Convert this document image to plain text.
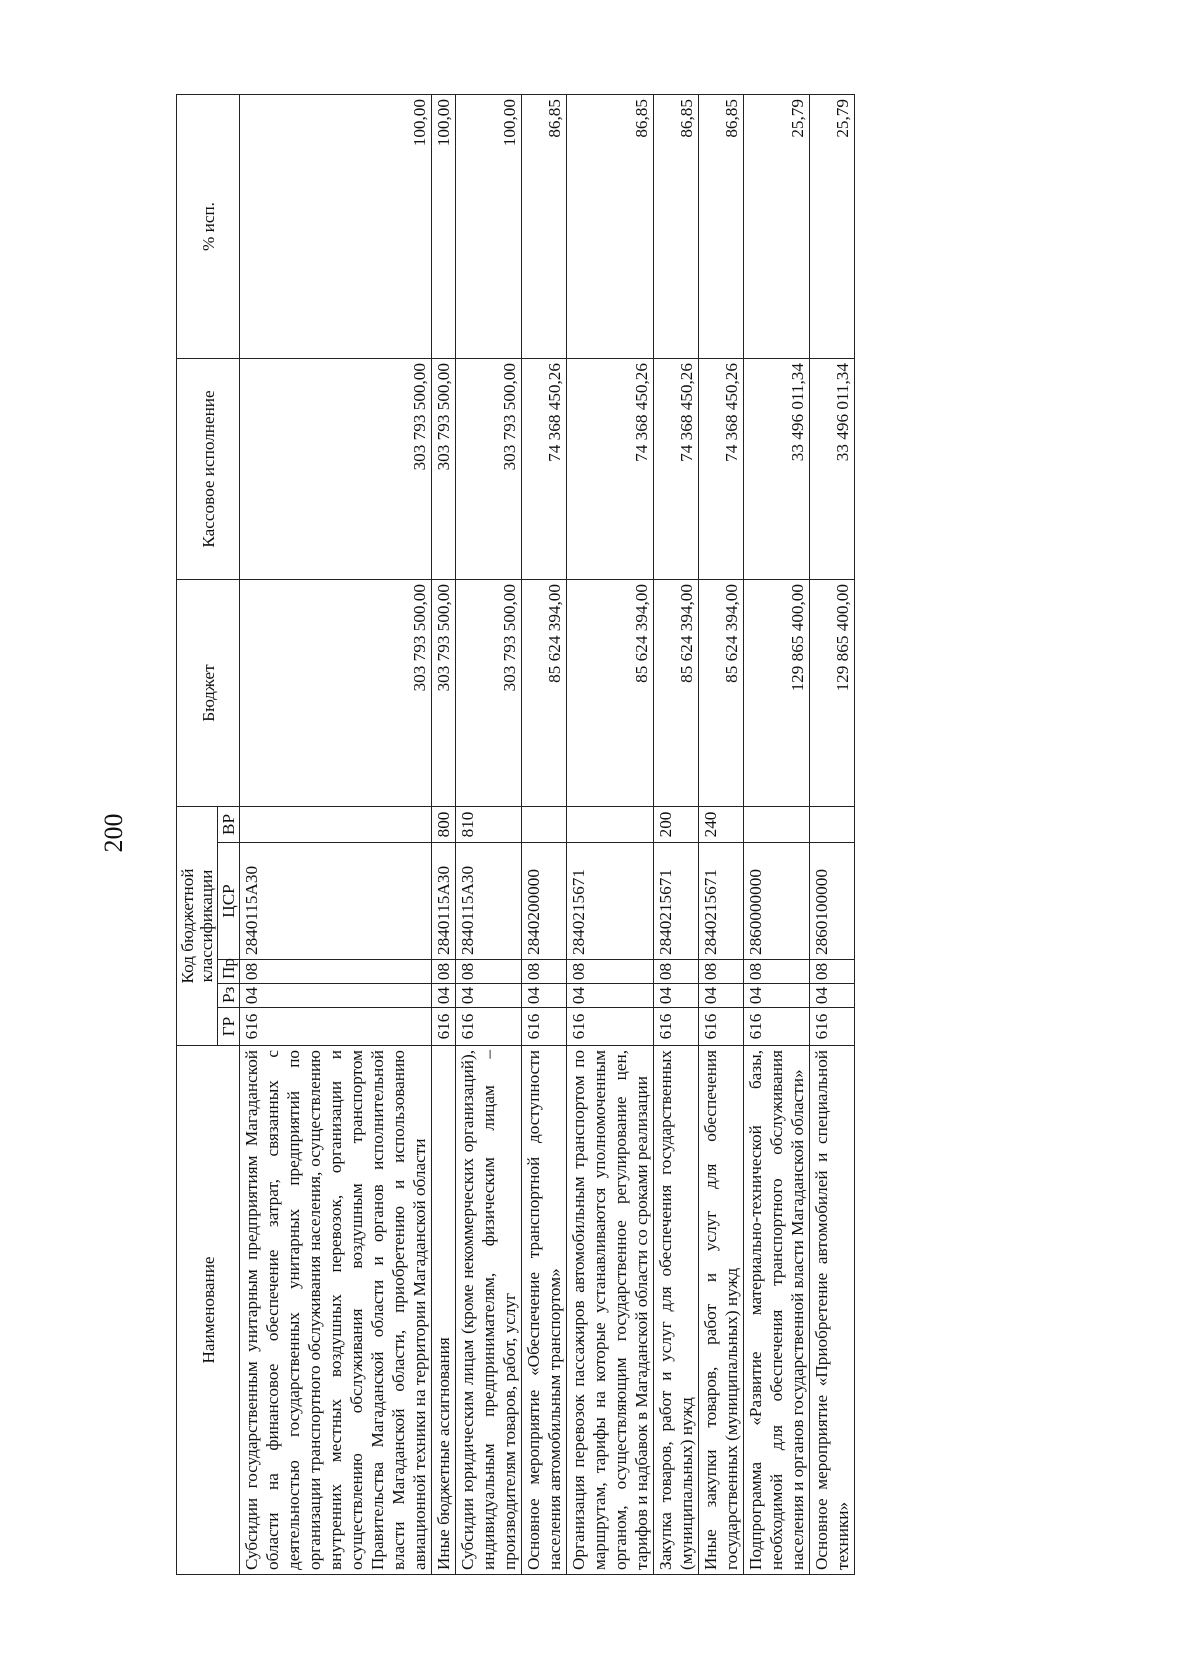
200
Наименование	Код бюджетной классификации					Бюджет	Кассовое исполнение	% исп.
	ГР	Рз	Пр	ЦСР	ВР			
Субсидии государственным унитарным предприятиям Магаданской области на финансовое обеспечение затрат, связанных с деятельностью государственных унитарных предприятий по организации транспортного обслуживания населения, осуществлению внутренних местных воздушных перевозок, организации и осуществлению обслуживания воздушным транспортом Правительства Магаданской области и органов исполнительной власти Магаданской области, приобретению и использованию авиационной техники на территории Магаданской области	616	04	08	2840115А30		303 793 500,00	303 793 500,00	100,00
Иные бюджетные ассигнования	616	04	08	2840115А30	800	303 793 500,00	303 793 500,00	100,00
Субсидии юридическим лицам (кроме некоммерческих организаций), индивидуальным предпринимателям, физическим лицам – производителям товаров, работ, услуг	616	04	08	2840115А30	810	303 793 500,00	303 793 500,00	100,00
Основное мероприятие «Обеспечение транспортной доступности населения автомобильным транспортом»	616	04	08	2840200000		85 624 394,00	74 368 450,26	86,85
Организация перевозок пассажиров автомобильным транспортом по маршрутам, тарифы на которые устанавливаются уполномоченным органом, осуществляющим государственное регулирование цен, тарифов и надбавок в Магаданской области со сроками реализации	616	04	08	2840215671		85 624 394,00	74 368 450,26	86,85
Закупка товаров, работ и услуг для обеспечения государственных (муниципальных) нужд	616	04	08	2840215671	200	85 624 394,00	74 368 450,26	86,85
Иные закупки товаров, работ и услуг для обеспечения государственных (муниципальных) нужд	616	04	08	2840215671	240	85 624 394,00	74 368 450,26	86,85
Подпрограмма «Развитие материально-технической базы, необходимой для обеспечения транспортного обслуживания населения и органов государственной власти Магаданской области»	616	04	08	2860000000		129 865 400,00	33 496 011,34	25,79
Основное мероприятие «Приобретение автомобилей и специальной техники»	616	04	08	2860100000		129 865 400,00	33 496 011,34	25,79
